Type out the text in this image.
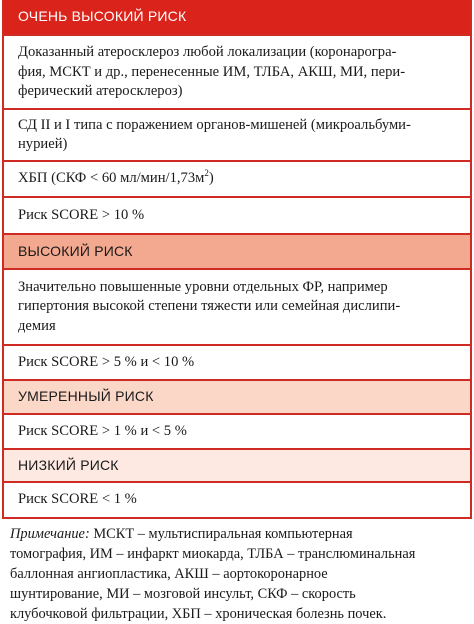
ОЧЕНЬ ВЫСОКИЙ РИСК
Доказанный атеросклероз любой локализации (коронарогра-
фия, МСКТ и др., перенесенные ИМ, ТЛБА, АКШ, МИ, пери-
ферический атеросклероз)
СД II и I типа с поражением органов-мишеней (микроальбуми-
нурией)
ХБП (СКФ < 60 $мл/мин/1,73м^2$)
Риск SCORE > 10 %
ВЫСОКИЙ РИСК
Значительно повышенные уровни отдельных ФР, например
гипертония высокой степени тяжести или семейная дислипи-
демия
Риск SCORE > 5 % и < 10 %
УМЕРЕННЫЙ РИСК
Риск SCORE > 1 % и < 5 %
НИЗКИЙ РИСК
Риск SCORE < 1 %
Примечание: МСКТ – мультиспиральная компьютерная
томография, ИМ – инфаркт миокарда, ТЛБА – транслюминальная
баллонная ангиопластика, АКШ – аортокоронарное
шунтирование, МИ – мозговой инсульт, СКФ – скорость
клубочковой фильтрации, ХБП – хроническая болезнь почек.
